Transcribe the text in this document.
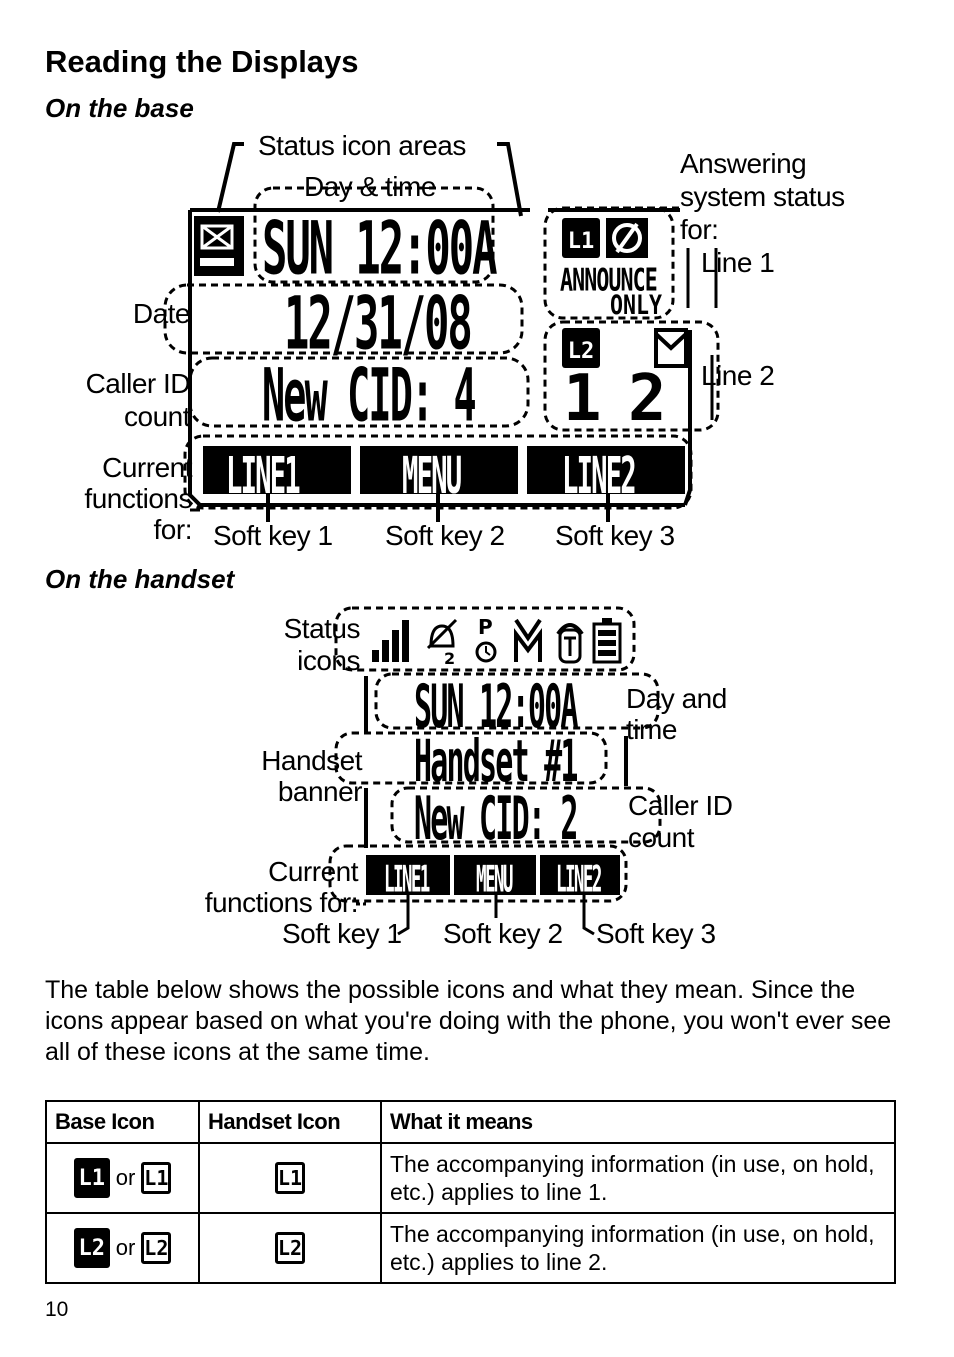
Reading the Displays
On the base
L1
L2
Status icon areas
Day & time
Answering
system status
for:
Line 1
Line 2
Date
Caller ID
count
Current
functions
for: Soft key 1 Soft key 2 Soft key 3
SUN 12:00A
12/31/08
New CID: 4
ANNOUNCE
ONLY
1 2
LINE1 MENU LINE2
On the handset
2
P
Status
icons
Day and
time
Handset
banner	Caller ID
count
Current
functions for:
Soft key 1 Soft key 2 Soft key 3
SUN 12:00A
Handset #1
New CID: 2
LINE1 MENU LINE2
The table below shows the possible icons and what they mean. Since the icons appear based on what you're doing with the phone, you won't ever see all of these icons at the same time.
Base Icon	Handset Icon	What it means
L1 or L1	L1	The accompanying information (in use, on hold, etc.) applies to line 1.
L2 or L2	L2	The accompanying information (in use, on hold, etc.) applies to line 2.
10
